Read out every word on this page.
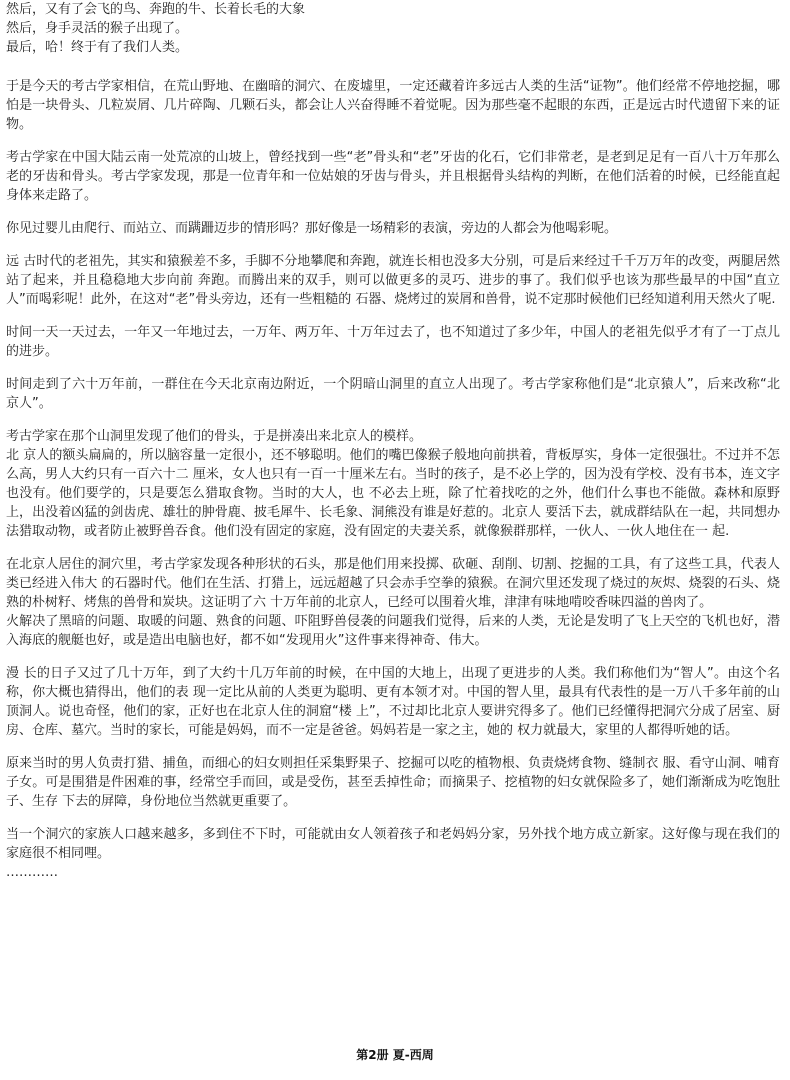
然后，又有了会飞的鸟、奔跑的牛、长着长毛的大象
然后，身手灵活的猴子出现了。
最后，哈！终于有了我们人类。

于是今天的考古学家相信，在荒山野地、在幽暗的洞穴、在废墟里，一定还藏着许多远古人类的生活“证物”。他们经常不停地挖掘，哪怕是一块骨头、几粒炭屑、几片碎陶、几颗石头，都会让人兴奋得睡不着觉呢。因为那些毫不起眼的东西，正是远古时代遗留下来的证物。

考古学家在中国大陆云南一处荒凉的山坡上，曾经找到一些“老”骨头和“老”牙齿的化石，它们非常老，是老到足足有一百八十万年那么老的牙齿和骨头。考古学家发现，那是一位青年和一位姑娘的牙齿与骨头，并且根据骨头结构的判断，在他们活着的时候，已经能直起身体来走路了。

你见过婴儿由爬行、而站立、而蹒跚迈步的情形吗？那好像是一场精彩的表演，旁边的人都会为他喝彩呢。

远 古时代的老祖先，其实和猿猴差不多，手脚不分地攀爬和奔跑，就连长相也没多大分别，可是后来经过千千万万年的改变，两腿居然站了起来，并且稳稳地大步向前 奔跑。而腾出来的双手，则可以做更多的灵巧、进步的事了。我们似乎也该为那些最早的中国“直立人”而喝彩呢！此外，在这对“老”骨头旁边，还有一些粗糙的 石器、烧烤过的炭屑和兽骨，说不定那时候他们已经知道利用天然火了呢.

时间一天一天过去，一年又一年地过去，一万年、两万年、十万年过去了，也不知道过了多少年，中国人的老祖先似乎才有了一丁点儿的进步。

时间走到了六十万年前，一群住在今天北京南边附近，一个阴暗山洞里的直立人出现了。考古学家称他们是“北京猿人”，后来改称“北京人”。

考古学家在那个山洞里发现了他们的骨头，于是拼凑出来北京人的模样。
北 京人的额头扁扁的，所以脑容量一定很小，还不够聪明。他们的嘴巴像猴子般地向前拱着，背板厚实，身体一定很强壮。不过并不怎么高，男人大约只有一百六十二 厘米，女人也只有一百一十厘米左右。当时的孩子，是不必上学的，因为没有学校、没有书本，连文字也没有。他们要学的，只是要怎么猎取食物。当时的大人，也 不必去上班，除了忙着找吃的之外，他们什么事也不能做。森林和原野上，出没着凶猛的剑齿虎、雄壮的肿骨鹿、披毛犀牛、长毛象、洞熊没有谁是好惹的。北京人 要活下去，就成群结队在一起，共同想办法猎取动物，或者防止被野兽吞食。他们没有固定的家庭，没有固定的夫妻关系，就像猴群那样，一伙人、一伙人地住在一 起.

在北京人居住的洞穴里，考古学家发现各种形状的石头，那是他们用来投掷、砍砸、刮削、切割、挖掘的工具，有了这些工具，代表人类已经进入伟大 的石器时代。他们在生活、打猎上，远远超越了只会赤手空拳的猿猴。在洞穴里还发现了烧过的灰烬、烧裂的石头、烧熟的朴树籽、烤焦的兽骨和炭块。这证明了六 十万年前的北京人，已经可以围着火堆，津津有味地啃咬香味四溢的兽肉了。
火解决了黑暗的问题、取暖的问题、熟食的问题、吓阻野兽侵袭的问题我们觉得，后来的人类，无论是发明了飞上天空的飞机也好，潜入海底的舰艇也好，或是造出电脑也好，都不如“发现用火”这件事来得神奇、伟大。

漫 长的日子又过了几十万年，到了大约十几万年前的时候，在中国的大地上，出现了更进步的人类。我们称他们为“智人”。由这个名称，你大概也猜得出，他们的表 现一定比从前的人类更为聪明、更有本领才对。中国的智人里，最具有代表性的是一万八千多年前的山顶洞人。说也奇怪，他们的家，正好也在北京人住的洞窟“楼 上”，不过却比北京人要讲究得多了。他们已经懂得把洞穴分成了居室、厨房、仓库、墓穴。当时的家长，可能是妈妈，而不一定是爸爸。妈妈若是一家之主，她的 权力就最大，家里的人都得听她的话。

原来当时的男人负责打猎、捕鱼，而细心的妇女则担任采集野果子、挖掘可以吃的植物根、负责烧烤食物、缝制衣 服、看守山洞、哺育子女。可是围猎是件困难的事，经常空手而回，或是受伤，甚至丢掉性命；而摘果子、挖植物的妇女就保险多了，她们渐渐成为吃饱肚子、生存 下去的屏障，身份地位当然就更重要了。

当一个洞穴的家族人口越来越多，多到住不下时，可能就由女人领着孩子和老妈妈分家，另外找个地方成立新家。这好像与现在我们的家庭很不相同哩。
…………

第2册 夏-西周
